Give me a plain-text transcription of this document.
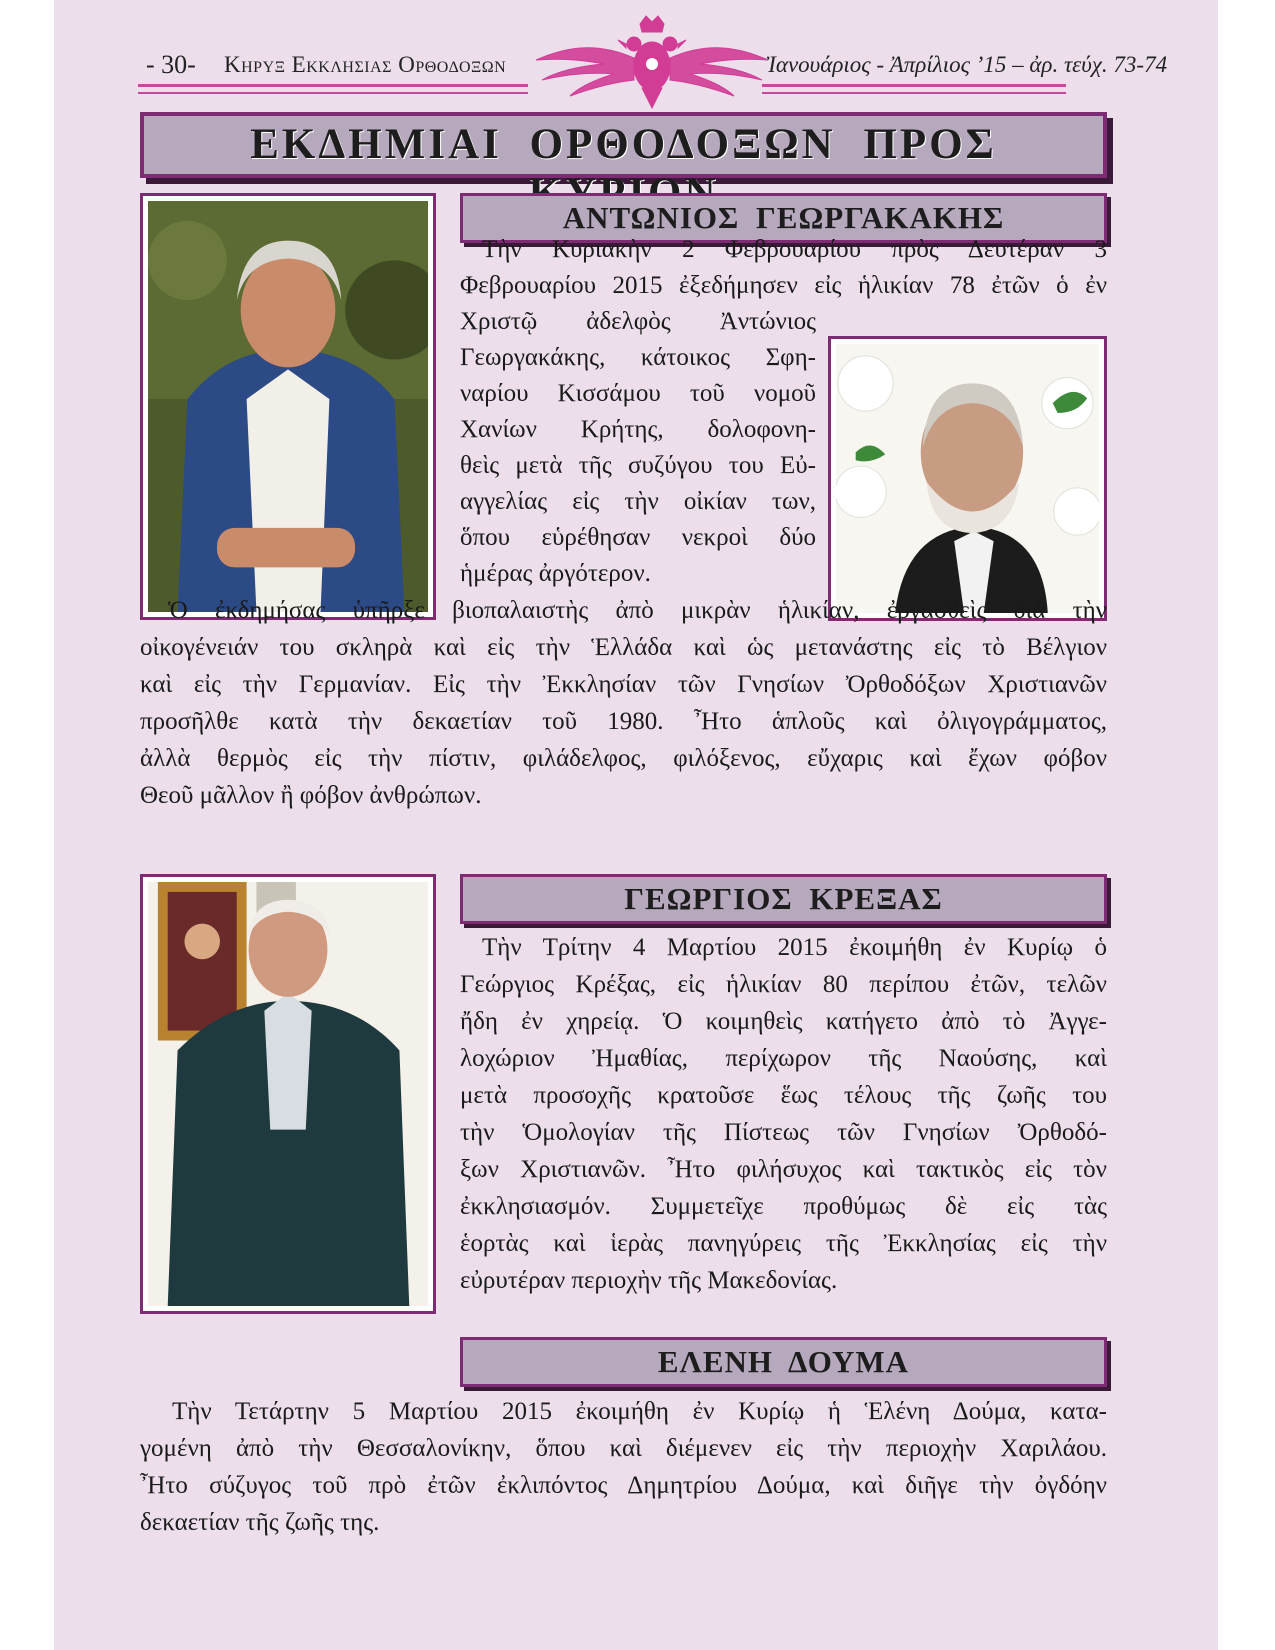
- 30- Κηρυξ Εκκλησιασ Ορθοδοξων	Ἰανουάριος - Ἀπρίλιος ’15 – ἀρ. τεύχ. 73-74
ΕΚΔΗΜΙΑΙ ΟΡΘΟΔΟΞΩΝ ΠΡΟΣ
ΑΝΤΩΝΙΟΣ ΓΕΩΡΓΑΚΑΚΗΣ
Τὴν Κυριακὴν 2 Φεβρουαρίου πρὸς Δευτέραν 3
Φεβρουαρίου 2015 ἐξεδήμησεν εἰς ἡλικίαν 78 ἐτῶν ὁ ἐν
Χριστῷ ἀδελφὸς Ἀντώνιος
Γεωργακάκης, κάτοικος Σφη-
ναρίου Κισσάμου τοῦ νομοῦ
Χανίων Κρήτης, δολοφονη-
θεὶς μετὰ τῆς συζύγου του Εὐ-
αγγελίας εἰς τὴν οἰκίαν των,
ὅπου εὑρέθησαν νεκροὶ δύο
ἡμέρας ἀργότερον.
Ὁ ἐκδημήσας ὑπῆρξε βιοπαλαιστὴς ἀπὸ μικρὰν ἡλικίαν, ἐργασθεὶς διὰ τὴν
οἰκογένειάν του σκληρὰ καὶ εἰς τὴν Ἑλλάδα καὶ ὡς μετανάστης εἰς τὸ Βέλγιον
καὶ εἰς τὴν Γερμανίαν. Εἰς τὴν Ἐκκλησίαν τῶν Γνησίων Ὀρθοδόξων Χριστιανῶν
προσῆλθε κατὰ τὴν δεκαετίαν τοῦ 1980. Ἦτο ἁπλοῦς καὶ ὀλιγογράμματος,
ἀλλὰ θερμὸς εἰς τὴν πίστιν, φιλάδελφος, φιλόξενος, εὔχαρις καὶ ἔχων φόβον
Θεοῦ μᾶλλον ἢ φόβον ἀνθρώπων.
ΓΕΩΡΓΙΟΣ ΚΡΕΞΑΣ
Τὴν Τρίτην 4 Μαρτίου 2015 ἐκοιμήθη ἐν Κυρίῳ ὁ
Γεώργιος Κρέξας, εἰς ἡλικίαν 80 περίπου ἐτῶν, τελῶν
ἤδη ἐν χηρείᾳ. Ὁ κοιμηθεὶς κατήγετο ἀπὸ τὸ Ἀγγε-
λοχώριον Ἠμαθίας, περίχωρον τῆς Ναούσης, καὶ
μετὰ προσοχῆς κρατοῦσε ἕως τέλους τῆς ζωῆς του
τὴν Ὁμολογίαν τῆς Πίστεως τῶν Γνησίων Ὀρθοδό-
ξων Χριστιανῶν. Ἦτο φιλήσυχος καὶ τακτικὸς εἰς τὸν
ἐκκλησιασμόν. Συμμετεῖχε προθύμως δὲ εἰς τὰς
ἑορτὰς καὶ ἱερὰς πανηγύρεις τῆς Ἐκκλησίας εἰς τὴν
εὐρυτέραν περιοχὴν τῆς Μακεδονίας.
ΕΛΕΝΗ ΔΟΥΜΑ
Τὴν Τετάρτην 5 Μαρτίου 2015 ἐκοιμήθη ἐν Κυρίῳ ἡ Ἑλένη Δούμα, κατα-
γομένη ἀπὸ τὴν Θεσσαλονίκην, ὅπου καὶ διέμενεν εἰς τὴν περιοχὴν Χαριλάου.
Ἦτο σύζυγος τοῦ πρὸ ἐτῶν ἐκλιπόντος Δημητρίου Δούμα, καὶ διῆγε τὴν ὀγδόην
δεκαετίαν τῆς ζωῆς της.
